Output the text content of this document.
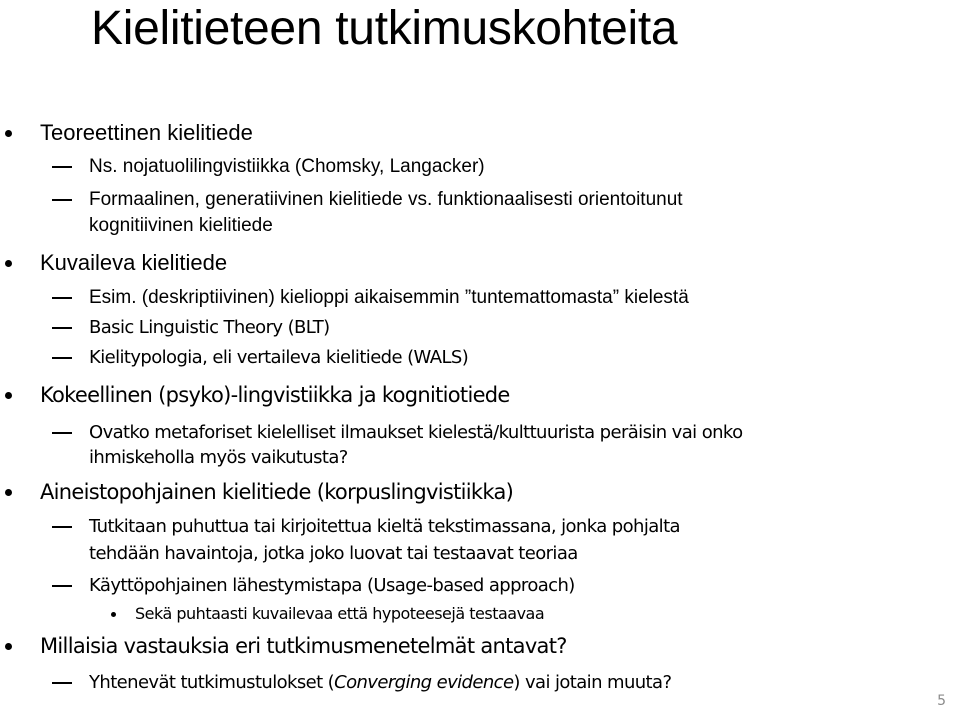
Kielitieteen tutkimuskohteita
Teoreettinen kielitiede
Ns. nojatuolilingvistiikka (Chomsky, Langacker)
Formaalinen, generatiivinen kielitiede vs. funktionaalisesti orientoitunut
kognitiivinen kielitiede
Kuvaileva kielitiede
Esim. (deskriptiivinen) kielioppi aikaisemmin ”tuntemattomasta” kielestä
Basic Linguistic Theory (BLT)
Kielitypologia, eli vertaileva kielitiede (WALS)
Kokeellinen (psyko)-lingvistiikka ja kognitiotiede
Ovatko metaforiset kielelliset ilmaukset kielestä/kulttuurista peräisin vai onko
ihmiskeholla myös vaikutusta?
Aineistopohjainen kielitiede (korpuslingvistiikka)
Tutkitaan puhuttua tai kirjoitettua kieltä tekstimassana, jonka pohjalta
tehdään havaintoja, jotka joko luovat tai testaavat teoriaa
Käyttöpohjainen lähestymistapa (Usage-based approach)
Sekä puhtaasti kuvailevaa että hypoteesejä testaavaa
Millaisia vastauksia eri tutkimusmenetelmät antavat?
Yhtenevät tutkimustulokset (Converging evidence) vai jotain muuta?
5
